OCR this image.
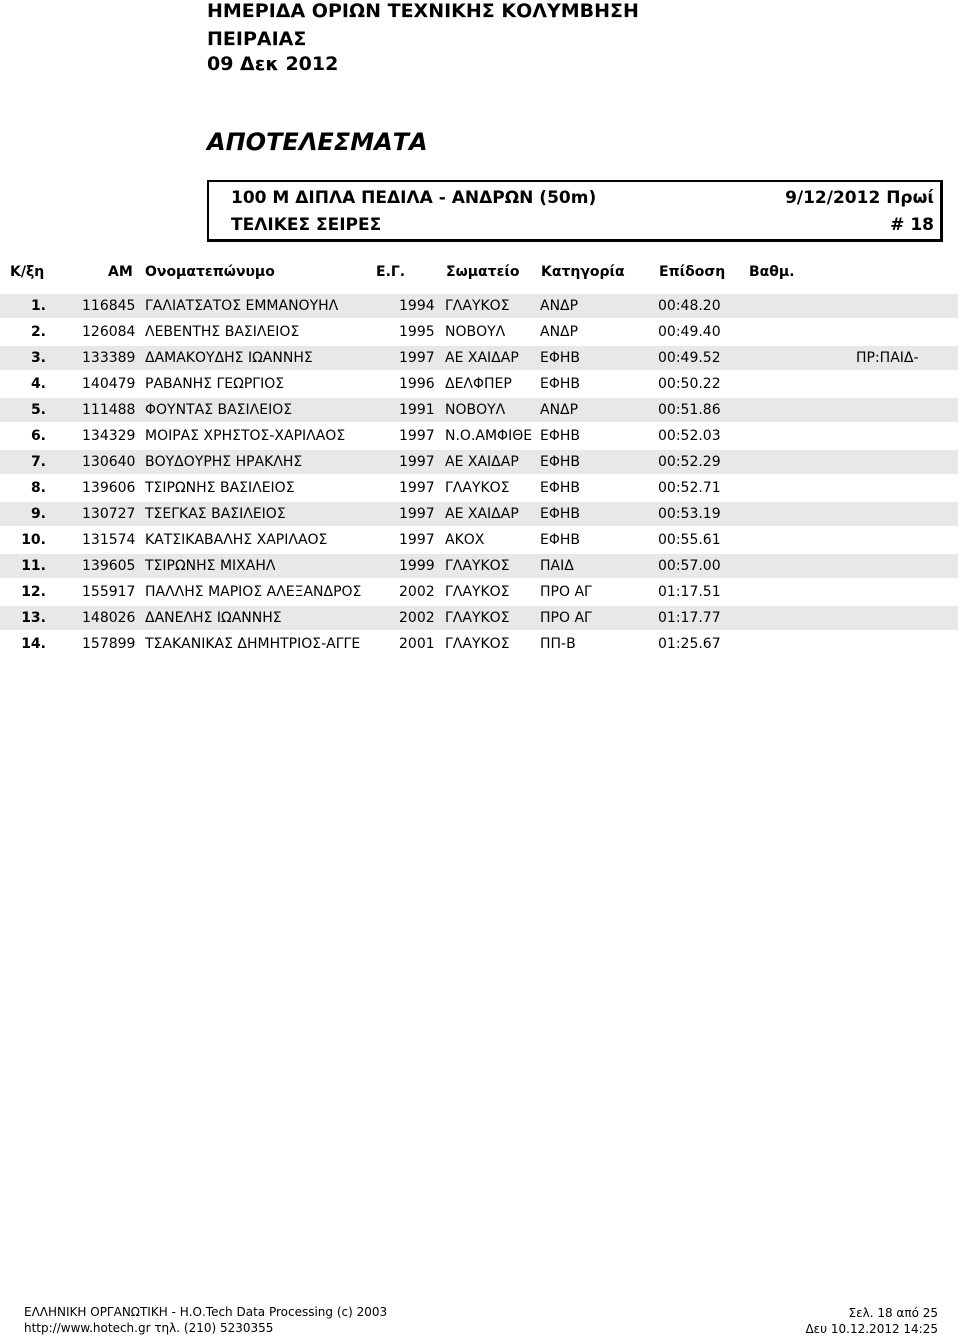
ΗΜΕΡΙΔΑ ΟΡΙΩΝ ΤΕΧΝΙΚΗΣ ΚΟΛΥΜΒΗΣΗ
ΠΕΙΡΑΙΑΣ
09 Δεκ 2012
ΑΠΟΤΕΛΕΣΜΑΤΑ
100 Μ ΔΙΠΛΑ ΠΕΔΙΛΑ - ΑΝΔΡΩΝ (50m)	9/12/2012 Πρωί
ΤΕΛΙΚΕΣ ΣΕΙΡΕΣ	# 18
Κ/ξη	ΑΜ Ονοματεπώνυμο	Ε.Γ.	Σωματείο Κατηγορία Επίδοση Βαθμ.
1.	116845 ΓΑΛΙΑΤΣΑΤΟΣ ΕΜΜΑΝΟΥΗΛ	1994 ΓΛΑΥΚΟΣ ΑΝΔΡ	00:48.20
2.	126084 ΛΕΒΕΝΤΗΣ ΒΑΣΙΛΕΙΟΣ	1995 ΝΟΒΟΥΛ ΑΝΔΡ	00:49.40
3.	133389 ΔΑΜΑΚΟΥΔΗΣ ΙΩΑΝΝΗΣ	1997 ΑΕ ΧΑΙΔΑΡ ΕΦΗΒ	00:49.52	ΠΡ:ΠΑΙΔ-
4.	140479 ΡΑΒΑΝΗΣ ΓΕΩΡΓΙΟΣ	1996 ΔΕΛΦΠΕΡ ΕΦΗΒ	00:50.22
5.	111488 ΦΟΥΝΤΑΣ ΒΑΣΙΛΕΙΟΣ	1991 ΝΟΒΟΥΛ ΑΝΔΡ	00:51.86
6.	134329 ΜΟΙΡΑΣ ΧΡΗΣΤΟΣ-ΧΑΡΙΛΑΟΣ	1997 Ν.Ο.ΑΜΦΙΘΕ ΕΦΗΒ	00:52.03
7.	130640 ΒΟΥΔΟΥΡΗΣ ΗΡΑΚΛΗΣ	1997 ΑΕ ΧΑΙΔΑΡ ΕΦΗΒ	00:52.29
8.	139606 ΤΣΙΡΩΝΗΣ ΒΑΣΙΛΕΙΟΣ	1997 ΓΛΑΥΚΟΣ ΕΦΗΒ	00:52.71
9.	130727 ΤΣΕΓΚΑΣ ΒΑΣΙΛΕΙΟΣ	1997 ΑΕ ΧΑΙΔΑΡ ΕΦΗΒ	00:53.19
10.	131574 ΚΑΤΣΙΚΑΒΑΛΗΣ ΧΑΡΙΛΑΟΣ	1997 ΑΚΟΧ	ΕΦΗΒ	00:55.61
11.	139605 ΤΣΙΡΩΝΗΣ ΜΙΧΑΗΛ	1999 ΓΛΑΥΚΟΣ ΠΑΙΔ	00:57.00
12.	155917 ΠΑΛΛΗΣ ΜΑΡΙΟΣ ΑΛΕΞΑΝΔΡΟΣ	2002 ΓΛΑΥΚΟΣ ΠΡΟ ΑΓ	01:17.51
13.	148026 ΔΑΝΕΛΗΣ ΙΩΑΝΝΗΣ	2002 ΓΛΑΥΚΟΣ ΠΡΟ ΑΓ	01:17.77
14.	157899 ΤΣΑΚΑΝΙΚΑΣ ΔΗΜΗΤΡΙΟΣ-ΑΓΓΕ	2001 ΓΛΑΥΚΟΣ ΠΠ-Β	01:25.67
ΕΛΛΗΝΙΚΗ ΟΡΓΑΝΩΤΙΚΗ - Η.Ο.Tech Data Processing (c) 2003
http://www.hotech.gr τηλ. (210) 5230355
Σελ. 18 από 25
Δευ 10.12.2012 14:25
